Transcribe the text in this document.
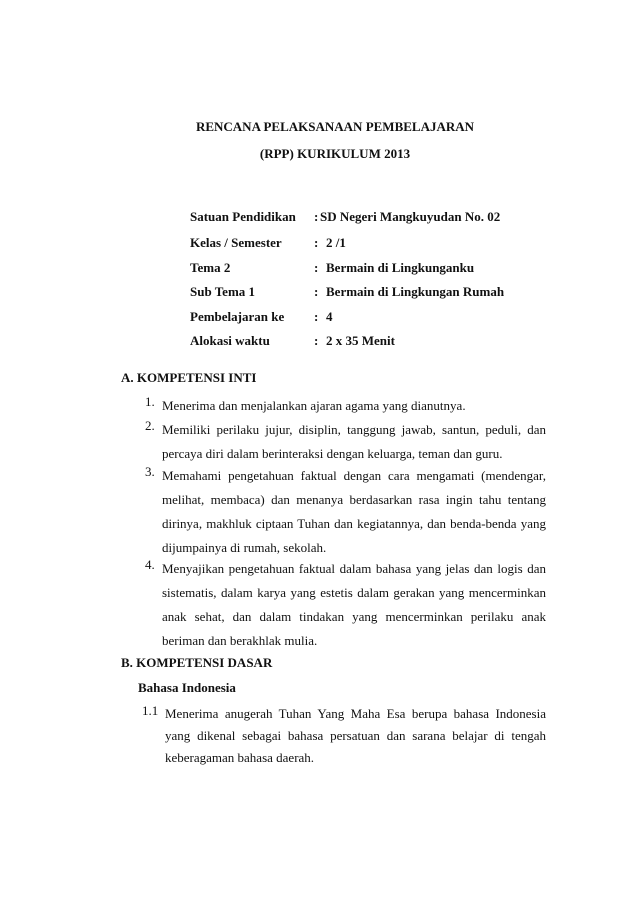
RENCANA PELAKSANAAN PEMBELAJARAN
(RPP) KURIKULUM 2013
Satuan Pendidikan : SD Negeri Mangkuyudan No. 02
Kelas / Semester : 2 /1
Tema 2	: Bermain di Lingkunganku
Sub Tema 1	: Bermain di Lingkungan Rumah
Pembelajaran ke : 4
Alokasi waktu	: 2 x 35 Menit
A. KOMPETENSI INTI
1. Menerima dan menjalankan ajaran agama yang dianutnya.
2. Memiliki perilaku jujur, disiplin, tanggung jawab, santun, peduli, dan percaya diri dalam berinteraksi dengan keluarga, teman dan guru.
3. Memahami pengetahuan faktual dengan cara mengamati (mendengar, melihat, membaca) dan menanya berdasarkan rasa ingin tahu tentang dirinya, makhluk ciptaan Tuhan dan kegiatannya, dan benda-benda yang dijumpainya di rumah, sekolah.
4. Menyajikan pengetahuan faktual dalam bahasa yang jelas dan logis dan sistematis, dalam karya yang estetis dalam gerakan yang mencerminkan anak sehat, dan dalam tindakan yang mencerminkan perilaku anak beriman dan berakhlak mulia.
B. KOMPETENSI DASAR
Bahasa Indonesia
1.1 Menerima anugerah Tuhan Yang Maha Esa berupa bahasa Indonesia yang dikenal sebagai bahasa persatuan dan sarana belajar di tengah keberagaman bahasa daerah.
